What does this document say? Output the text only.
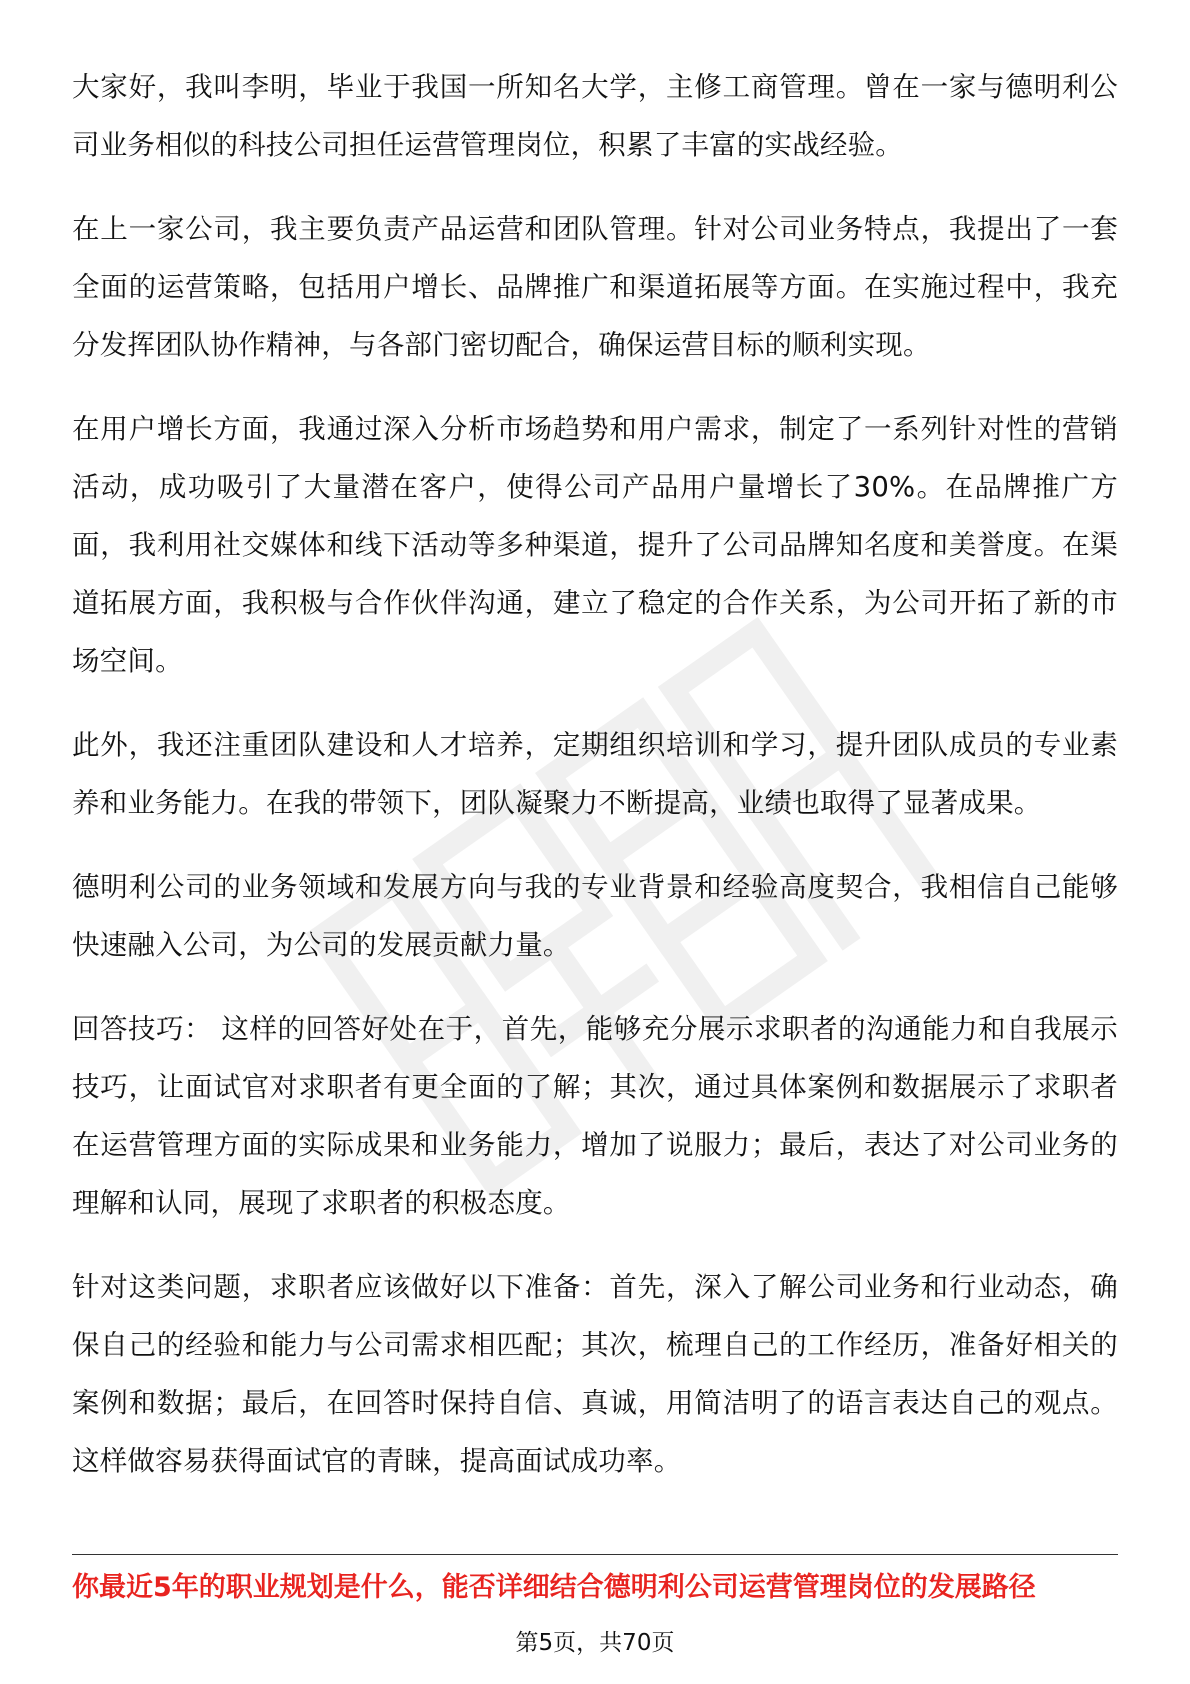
大家好，我叫李明，毕业于我国一所知名大学，主修工商管理。曾在一家与德明利公司业务相似的科技公司担任运营管理岗位，积累了丰富的实战经验。

在上一家公司，我主要负责产品运营和团队管理。针对公司业务特点，我提出了一套全面的运营策略，包括用户增长、品牌推广和渠道拓展等方面。在实施过程中，我充分发挥团队协作精神，与各部门密切配合，确保运营目标的顺利实现。

在用户增长方面，我通过深入分析市场趋势和用户需求，制定了一系列针对性的营销活动，成功吸引了大量潜在客户，使得公司产品用户量增长了30%。在品牌推广方面，我利用社交媒体和线下活动等多种渠道，提升了公司品牌知名度和美誉度。在渠道拓展方面，我积极与合作伙伴沟通，建立了稳定的合作关系，为公司开拓了新的市场空间。

此外，我还注重团队建设和人才培养，定期组织培训和学习，提升团队成员的专业素养和业务能力。在我的带领下，团队凝聚力不断提高，业绩也取得了显著成果。

德明利公司的业务领域和发展方向与我的专业背景和经验高度契合，我相信自己能够快速融入公司，为公司的发展贡献力量。

回答技巧： 这样的回答好处在于，首先，能够充分展示求职者的沟通能力和自我展示技巧，让面试官对求职者有更全面的了解；其次，通过具体案例和数据展示了求职者在运营管理方面的实际成果和业务能力，增加了说服力；最后，表达了对公司业务的理解和认同，展现了求职者的积极态度。

针对这类问题，求职者应该做好以下准备：首先，深入了解公司业务和行业动态，确保自己的经验和能力与公司需求相匹配；其次，梳理自己的工作经历，准备好相关的案例和数据；最后，在回答时保持自信、真诚，用简洁明了的语言表达自己的观点。这样做容易获得面试官的青睐，提高面试成功率。

你最近5年的职业规划是什么，能否详细结合德明利公司运营管理岗位的发展路径
第5页，共70页
